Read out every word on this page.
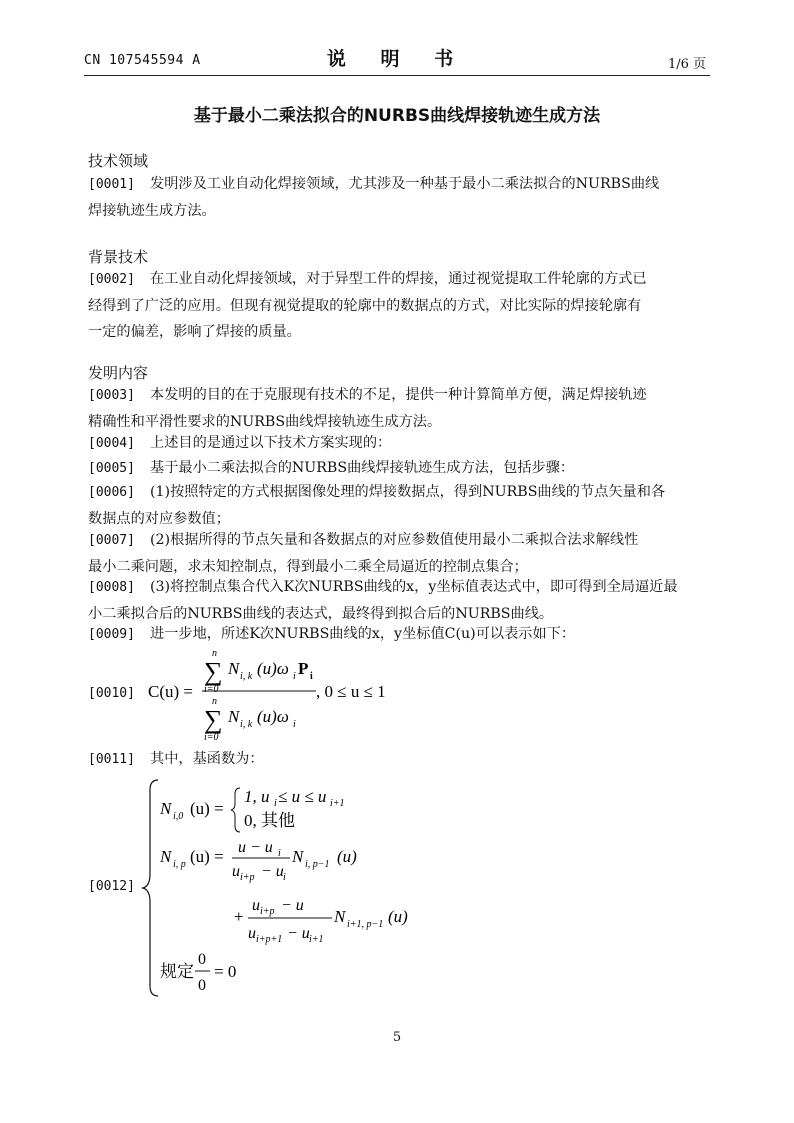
CN 107545594 A	说 明 书	1/6 页
基于最小二乘法拟合的NURBS曲线焊接轨迹生成方法
技术领域
[0001] 发明涉及工业自动化焊接领域，尤其涉及一种基于最小二乘法拟合的NURBS曲线
焊接轨迹生成方法。
背景技术
[0002] 在工业自动化焊接领域，对于异型工件的焊接，通过视觉提取工件轮廓的方式已
经得到了广泛的应用。但现有视觉提取的轮廓中的数据点的方式，对比实际的焊接轮廓有
一定的偏差，影响了焊接的质量。
发明内容
[0003] 本发明的目的在于克服现有技术的不足，提供一种计算简单方便，满足焊接轨迹
精确性和平滑性要求的NURBS曲线焊接轨迹生成方法。
[0004] 上述目的是通过以下技术方案实现的：
[0005] 基于最小二乘法拟合的NURBS曲线焊接轨迹生成方法，包括步骤：
[0006] (1)按照特定的方式根据图像处理的焊接数据点，得到NURBS曲线的节点矢量和各
数据点的对应参数值；
[0007] (2)根据所得的节点矢量和各数据点的对应参数值使用最小二乘拟合法求解线性
最小二乘问题，求未知控制点，得到最小二乘全局逼近的控制点集合；
[0008] (3)将控制点集合代入K次NURBS曲线的x，y坐标值表达式中，即可得到全局逼近最
小二乘拟合后的NURBS曲线的表达式，最终得到拟合后的NURBS曲线。
[0009] 进一步地，所述K次NURBS曲线的x，y坐标值C(u)可以表示如下：
[0010] C(u) =
n
∑
i=0
N i, k (u)ω i P i
n
∑
i=0
N i, k (u)ω i
, 0 ≤ u ≤ 1
[0011] 其中，基函数为：
[0012]
N i,0 (u) =
1, u i ≤ u ≤ u i+1
0, 其他
N i, p (u) = u − u i
u i+p − u i
N i, p−1 (u)
+
u i+p − u
u i+p+1 − u i+1
N i+1, p−1 (u)
规定
0
0
= 0
5
